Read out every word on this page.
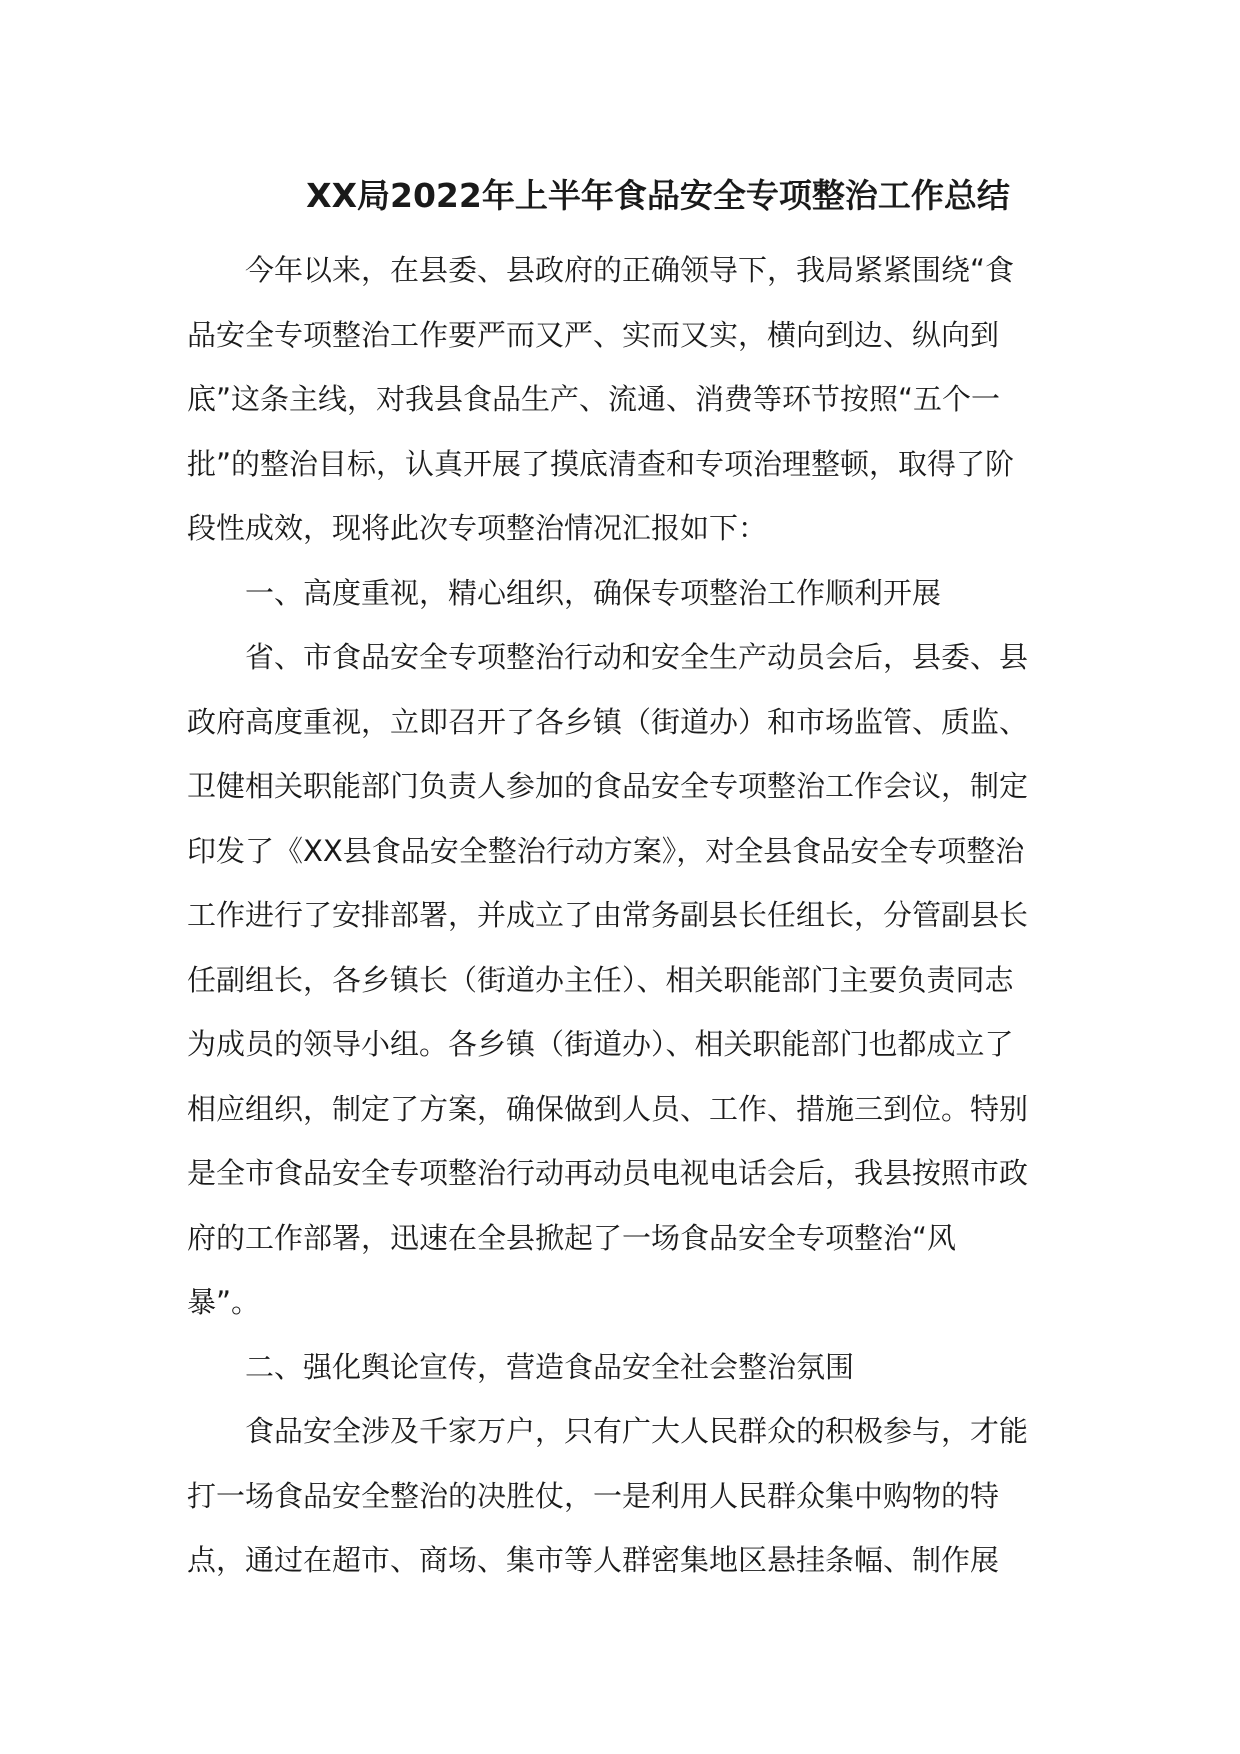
XX局2022年上半年食品安全专项整治工作总结
今年以来，在县委、县政府的正确领导下，我局紧紧围绕“食
品安全专项整治工作要严而又严、实而又实，横向到边、纵向到
底”这条主线，对我县食品生产、流通、消费等环节按照“五个一
批”的整治目标，认真开展了摸底清查和专项治理整顿，取得了阶
段性成效，现将此次专项整治情况汇报如下：
一、高度重视，精心组织，确保专项整治工作顺利开展
省、市食品安全专项整治行动和安全生产动员会后，县委、县
政府高度重视，立即召开了各乡镇（街道办）和市场监管、质监、
卫健相关职能部门负责人参加的食品安全专项整治工作会议，制定
印发了《XX县食品安全整治行动方案》，对全县食品安全专项整治
工作进行了安排部署，并成立了由常务副县长任组长，分管副县长
任副组长，各乡镇长（街道办主任）、相关职能部门主要负责同志
为成员的领导小组。各乡镇（街道办）、相关职能部门也都成立了
相应组织，制定了方案，确保做到人员、工作、措施三到位。特别
是全市食品安全专项整治行动再动员电视电话会后，我县按照市政
府的工作部署，迅速在全县掀起了一场食品安全专项整治“风
暴”。
二、强化舆论宣传，营造食品安全社会整治氛围
食品安全涉及千家万户，只有广大人民群众的积极参与，才能
打一场食品安全整治的决胜仗，一是利用人民群众集中购物的特
点，通过在超市、商场、集市等人群密集地区悬挂条幅、制作展
